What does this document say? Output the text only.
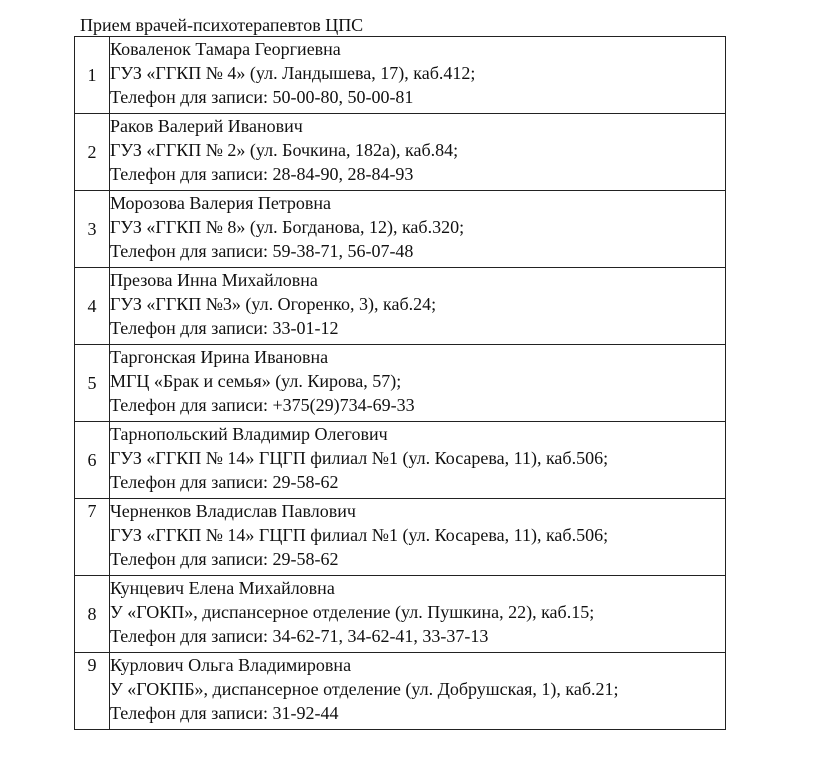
Прием врачей-психотерапевтов ЦПС
1	Коваленок Тамара Георгиевна
ГУЗ «ГГКП № 4» (ул. Ландышева, 17), каб.412;
Телефон для записи: 50-00-80, 50-00-81

2	Раков Валерий Иванович
ГУЗ «ГГКП № 2» (ул. Бочкина, 182а), каб.84;
Телефон для записи: 28-84-90, 28-84-93

3	Морозова Валерия Петровна
ГУЗ «ГГКП № 8» (ул. Богданова, 12), каб.320;
Телефон для записи: 59-38-71, 56-07-48

4	Презова Инна Михайловна
ГУЗ «ГГКП №3» (ул. Огоренко, 3), каб.24;
Телефон для записи: 33-01-12

5	Таргонская Ирина Ивановна
МГЦ «Брак и семья» (ул. Кирова, 57);
Телефон для записи: +375(29)734-69-33

6	Тарнопольский Владимир Олегович
ГУЗ «ГГКП № 14» ГЦГП филиал №1 (ул. Косарева, 11), каб.506;
Телефон для записи: 29-58-62

7	Черненков Владислав Павлович
ГУЗ «ГГКП № 14» ГЦГП филиал №1 (ул. Косарева, 11), каб.506;
Телефон для записи: 29-58-62

8	Кунцевич Елена Михайловна
У «ГОКП», диспансерное отделение (ул. Пушкина, 22), каб.15;
Телефон для записи: 34-62-71, 34-62-41, 33-37-13

9	Курлович Ольга Владимировна
У «ГОКПБ», диспансерное отделение (ул. Добрушская, 1), каб.21;
Телефон для записи: 31-92-44
